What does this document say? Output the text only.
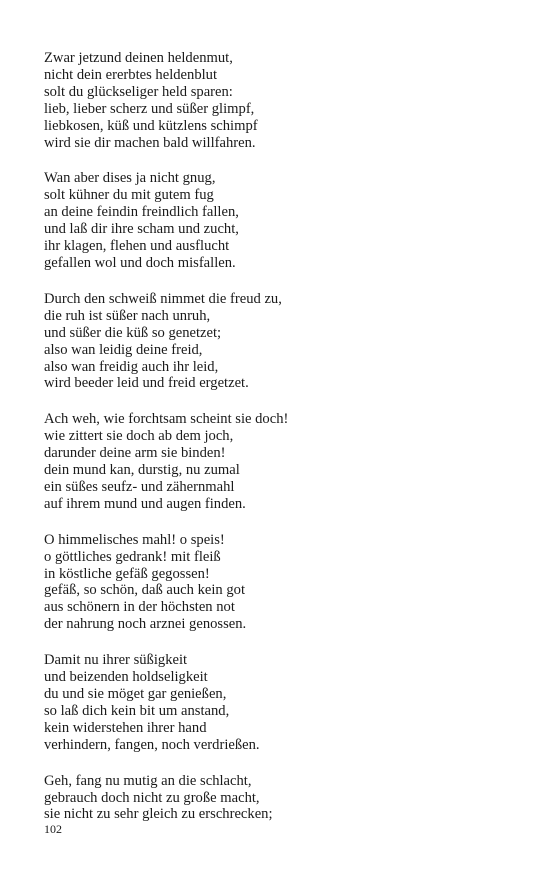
Zwar jetzund deinen heldenmut,
nicht dein ererbtes heldenblut
solt du glückseliger held sparen:
lieb, lieber scherz und süßer glimpf,
liebkosen, küß und kützlens schimpf
wird sie dir machen bald willfahren.
Wan aber dises ja nicht gnug,
solt kühner du mit gutem fug
an deine feindin freindlich fallen,
und laß dir ihre scham und zucht,
ihr klagen, flehen und ausflucht
gefallen wol und doch misfallen.
Durch den schweiß nimmet die freud zu,
die ruh ist süßer nach unruh,
und süßer die küß so genetzet;
also wan leidig deine freid,
also wan freidig auch ihr leid,
wird beeder leid und freid ergetzet.
Ach weh, wie forchtsam scheint sie doch!
wie zittert sie doch ab dem joch,
darunder deine arm sie binden!
dein mund kan, durstig, nu zumal
ein süßes seufz- und zähernmahl
auf ihrem mund und augen finden.
O himmelisches mahl! o speis!
o göttliches gedrank! mit fleiß
in köstliche gefäß gegossen!
gefäß, so schön, daß auch kein got
aus schönern in der höchsten not
der nahrung noch arznei genossen.
Damit nu ihrer süßigkeit
und beizenden holdseligkeit
du und sie möget gar genießen,
so laß dich kein bit um anstand,
kein widerstehen ihrer hand
verhindern, fangen, noch verdrießen.
Geh, fang nu mutig an die schlacht,
gebrauch doch nicht zu große macht,
sie nicht zu sehr gleich zu erschrecken;
102
